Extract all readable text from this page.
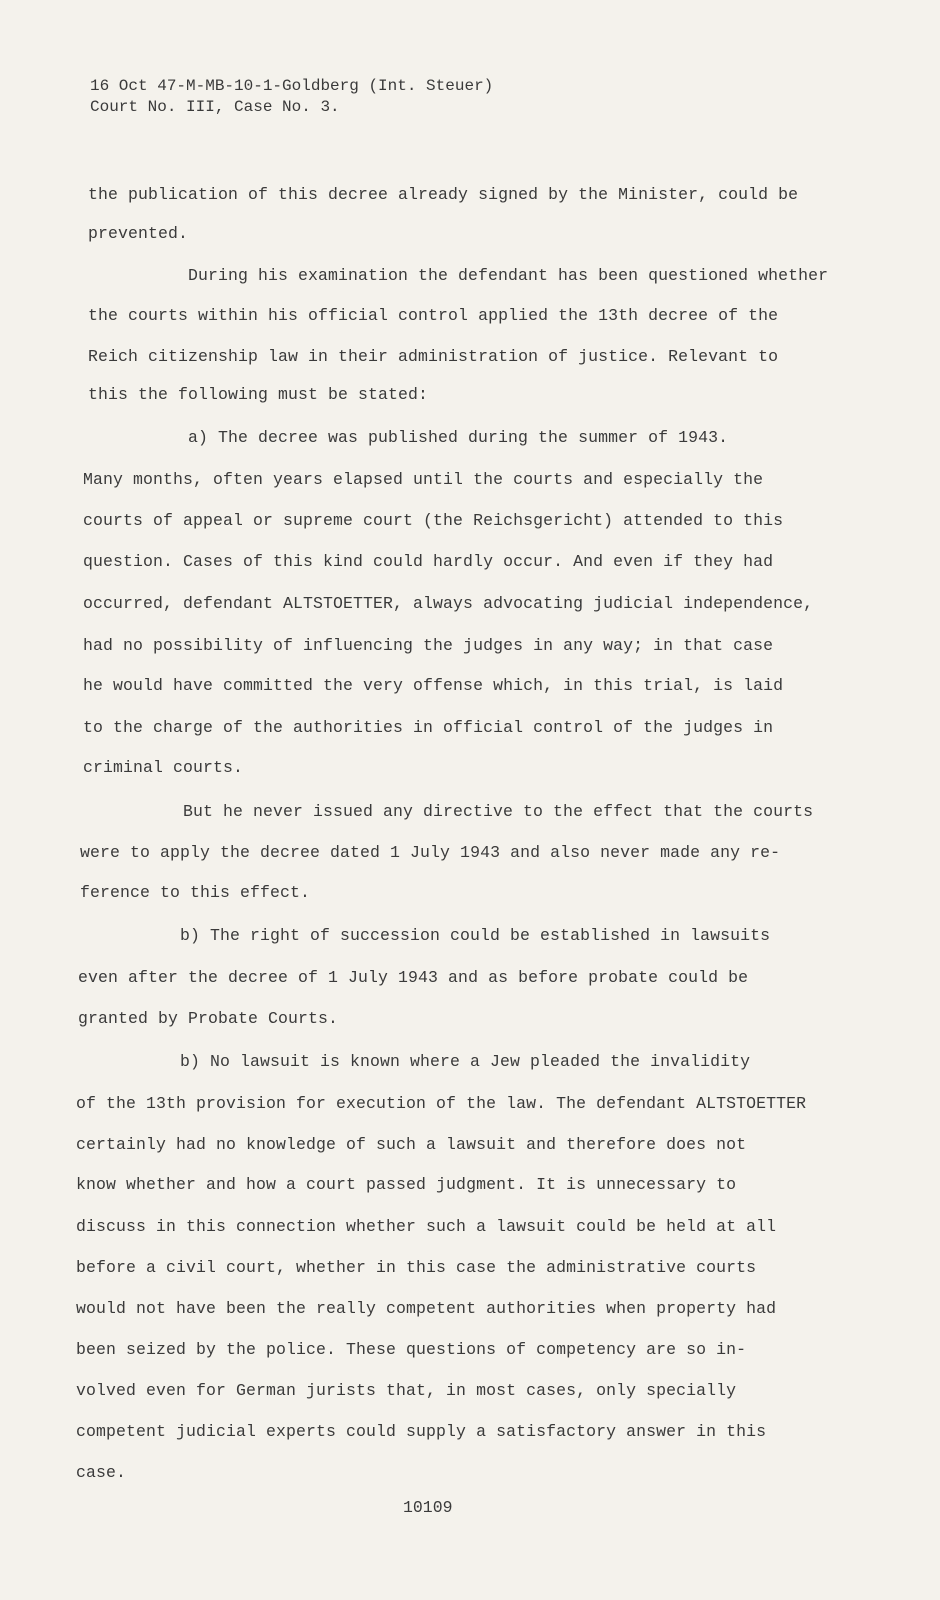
16 Oct 47-M-MB-10-1-Goldberg (Int. Steuer)
Court No. III, Case No. 3.
the publication of this decree already signed by the Minister, could be
prevented.
During his examination the defendant has been questioned whether
the courts within his official control applied the 13th decree of the
Reich citizenship law in their administration of justice. Relevant to
this the following must be stated:
a) The decree was published during the summer of 1943.
Many months, often years elapsed until the courts and especially the
courts of appeal or supreme court (the Reichsgericht) attended to this
question. Cases of this kind could hardly occur. And even if they had
occurred, defendant ALTSTOETTER, always advocating judicial independence,
had no possibility of influencing the judges in any way; in that case
he would have committed the very offense which, in this trial, is laid
to the charge of the authorities in official control of the judges in
criminal courts.
But he never issued any directive to the effect that the courts
were to apply the decree dated 1 July 1943 and also never made any re-
ference to this effect.
b) The right of succession could be established in lawsuits
even after the decree of 1 July 1943 and as before probate could be
granted by Probate Courts.
b) No lawsuit is known where a Jew pleaded the invalidity
of the 13th provision for execution of the law. The defendant ALTSTOETTER
certainly had no knowledge of such a lawsuit and therefore does not
know whether and how a court passed judgment. It is unnecessary to
discuss in this connection whether such a lawsuit could be held at all
before a civil court, whether in this case the administrative courts
would not have been the really competent authorities when property had
been seized by the police. These questions of competency are so in-
volved even for German jurists that, in most cases, only specially
competent judicial experts could supply a satisfactory answer in this
case.
10109
